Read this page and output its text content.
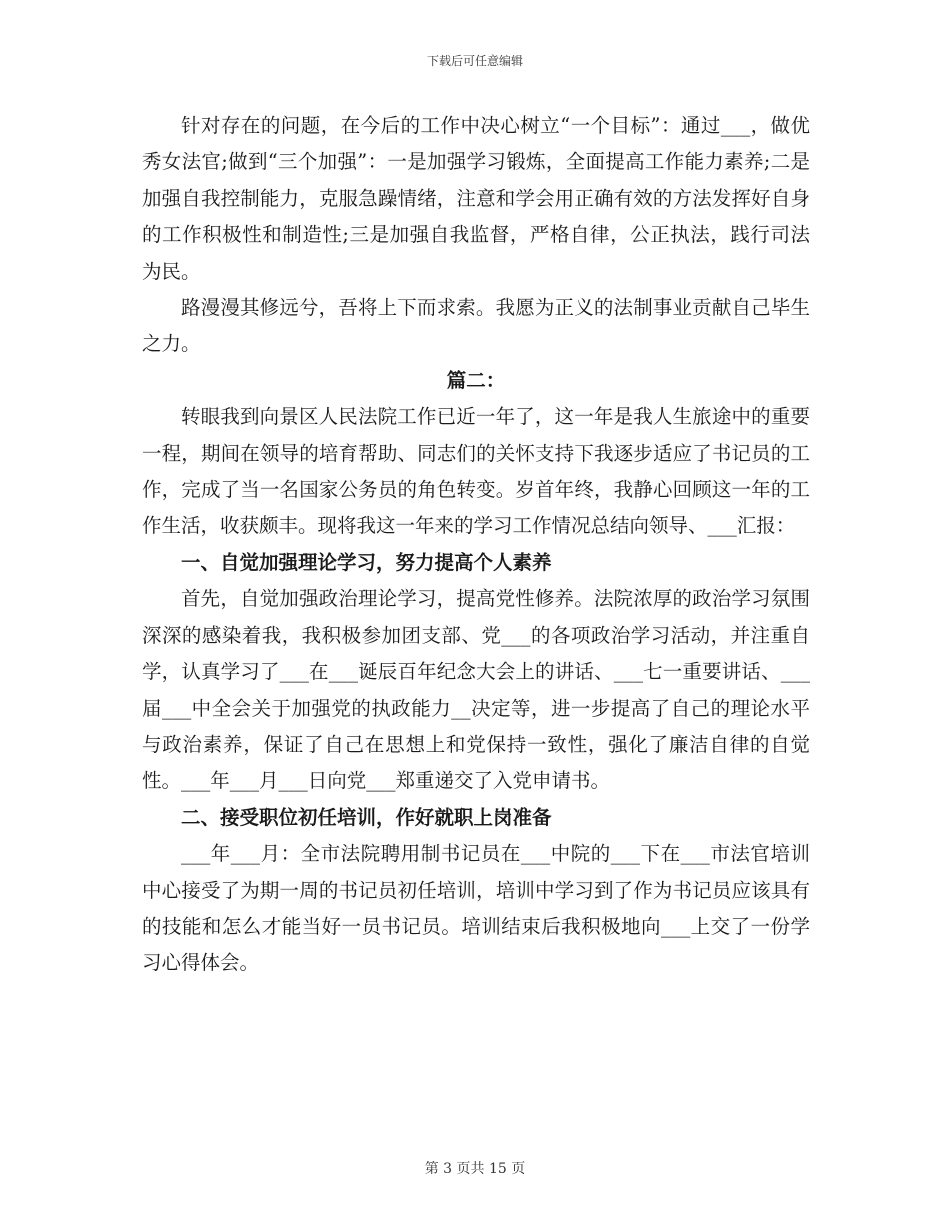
下载后可任意编辑

针对存在的问题，在今后的工作中决心树立“一个目标”：通过___，做优秀女法官;做到“三个加强”：一是加强学习锻炼，全面提高工作能力素养;二是加强自我控制能力，克服急躁情绪，注意和学会用正确有效的方法发挥好自身的工作积极性和制造性;三是加强自我监督，严格自律，公正执法，践行司法为民。

路漫漫其修远兮，吾将上下而求索。我愿为正义的法制事业贡献自己毕生之力。

篇二：

转眼我到向景区人民法院工作已近一年了，这一年是我人生旅途中的重要一程，期间在领导的培育帮助、同志们的关怀支持下我逐步适应了书记员的工作，完成了当一名国家公务员的角色转变。岁首年终，我静心回顾这一年的工作生活，收获颇丰。现将我这一年来的学习工作情况总结向领导、___汇报：

一、自觉加强理论学习，努力提高个人素养

首先，自觉加强政治理论学习，提高党性修养。法院浓厚的政治学习氛围深深的感染着我，我积极参加团支部、党___的各项政治学习活动，并注重自学，认真学习了___在___诞辰百年纪念大会上的讲话、___七一重要讲话、___届___中全会关于加强党的执政能力__决定等，进一步提高了自己的理论水平与政治素养，保证了自己在思想上和党保持一致性，强化了廉洁自律的自觉性。___年___月___日向党___郑重递交了入党申请书。

二、接受职位初任培训，作好就职上岗准备

___年___月：全市法院聘用制书记员在___中院的___下在___市法官培训中心接受了为期一周的书记员初任培训，培训中学习到了作为书记员应该具有的技能和怎么才能当好一员书记员。培训结束后我积极地向___上交了一份学习心得体会。

第 3 页共 15 页
